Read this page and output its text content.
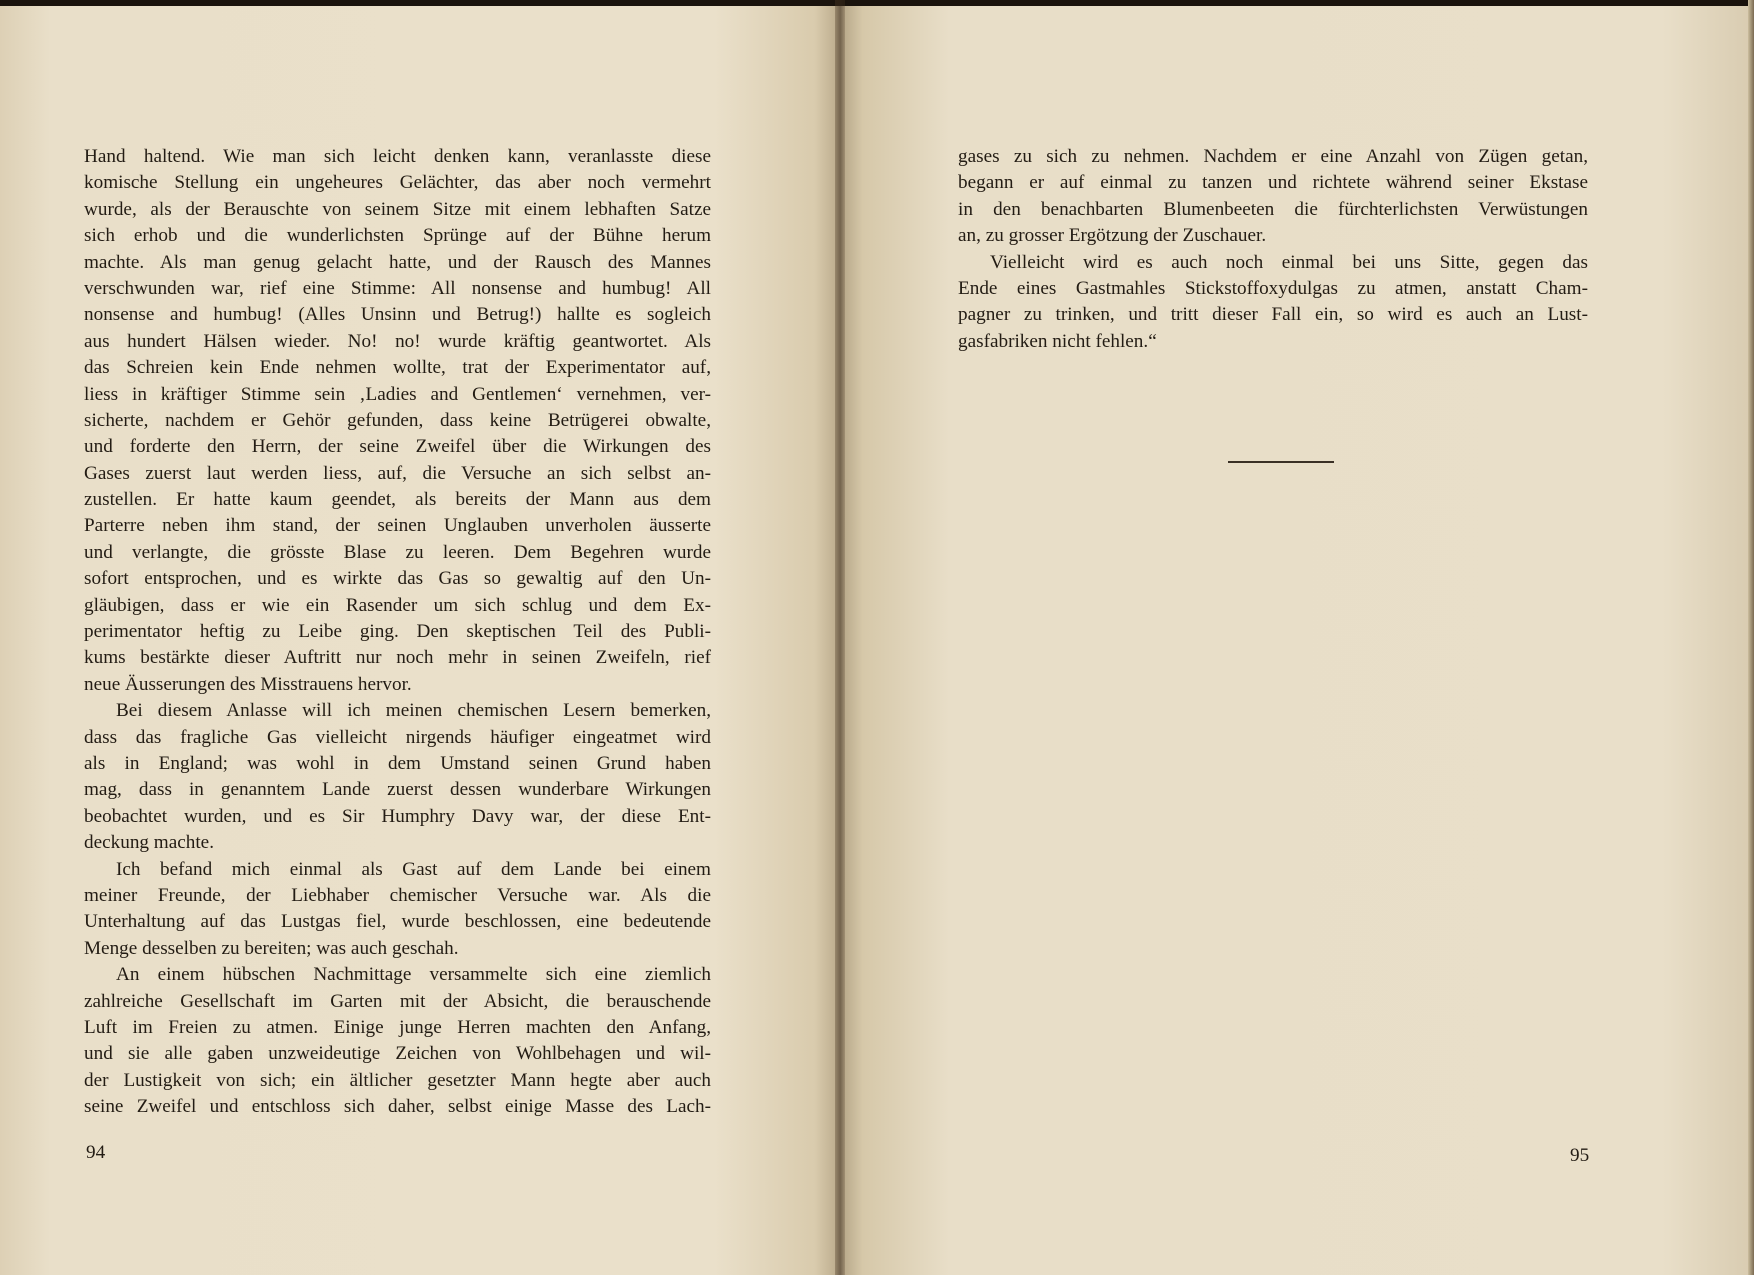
Hand haltend. Wie man sich leicht denken kann, veranlasste diese
komische Stellung ein ungeheures Gelächter, das aber noch vermehrt
wurde, als der Berauschte von seinem Sitze mit einem lebhaften Satze
sich erhob und die wunderlichsten Sprünge auf der Bühne herum
machte. Als man genug gelacht hatte, und der Rausch des Mannes
verschwunden war, rief eine Stimme: All nonsense and humbug! All
nonsense and humbug! (Alles Unsinn und Betrug!) hallte es sogleich
aus hundert Hälsen wieder. No! no! wurde kräftig geantwortet. Als
das Schreien kein Ende nehmen wollte, trat der Experimentator auf,
liess in kräftiger Stimme sein ‚Ladies and Gentlemen‘ vernehmen, ver-
sicherte, nachdem er Gehör gefunden, dass keine Betrügerei obwalte,
und forderte den Herrn, der seine Zweifel über die Wirkungen des
Gases zuerst laut werden liess, auf, die Versuche an sich selbst an-
zustellen. Er hatte kaum geendet, als bereits der Mann aus dem
Parterre neben ihm stand, der seinen Unglauben unverholen äusserte
und verlangte, die grösste Blase zu leeren. Dem Begehren wurde
sofort entsprochen, und es wirkte das Gas so gewaltig auf den Un-
gläubigen, dass er wie ein Rasender um sich schlug und dem Ex-
perimentator heftig zu Leibe ging. Den skeptischen Teil des Publi-
kums bestärkte dieser Auftritt nur noch mehr in seinen Zweifeln, rief
neue Äusserungen des Misstrauens hervor.
Bei diesem Anlasse will ich meinen chemischen Lesern bemerken,
dass das fragliche Gas vielleicht nirgends häufiger eingeatmet wird
als in England; was wohl in dem Umstand seinen Grund haben
mag, dass in genanntem Lande zuerst dessen wunderbare Wirkungen
beobachtet wurden, und es Sir Humphry Davy war, der diese Ent-
deckung machte.
Ich befand mich einmal als Gast auf dem Lande bei einem
meiner Freunde, der Liebhaber chemischer Versuche war. Als die
Unterhaltung auf das Lustgas fiel, wurde beschlossen, eine bedeutende
Menge desselben zu bereiten; was auch geschah.
An einem hübschen Nachmittage versammelte sich eine ziemlich
zahlreiche Gesellschaft im Garten mit der Absicht, die berauschende
Luft im Freien zu atmen. Einige junge Herren machten den Anfang,
und sie alle gaben unzweideutige Zeichen von Wohlbehagen und wil-
der Lustigkeit von sich; ein ältlicher gesetzter Mann hegte aber auch
seine Zweifel und entschloss sich daher, selbst einige Masse des Lach-
gases zu sich zu nehmen. Nachdem er eine Anzahl von Zügen getan,
begann er auf einmal zu tanzen und richtete während seiner Ekstase
in den benachbarten Blumenbeeten die fürchterlichsten Verwüstungen
an, zu grosser Ergötzung der Zuschauer.
Vielleicht wird es auch noch einmal bei uns Sitte, gegen das
Ende eines Gastmahles Stickstoffoxydulgas zu atmen, anstatt Cham-
pagner zu trinken, und tritt dieser Fall ein, so wird es auch an Lust-
gasfabriken nicht fehlen.“
94	95
